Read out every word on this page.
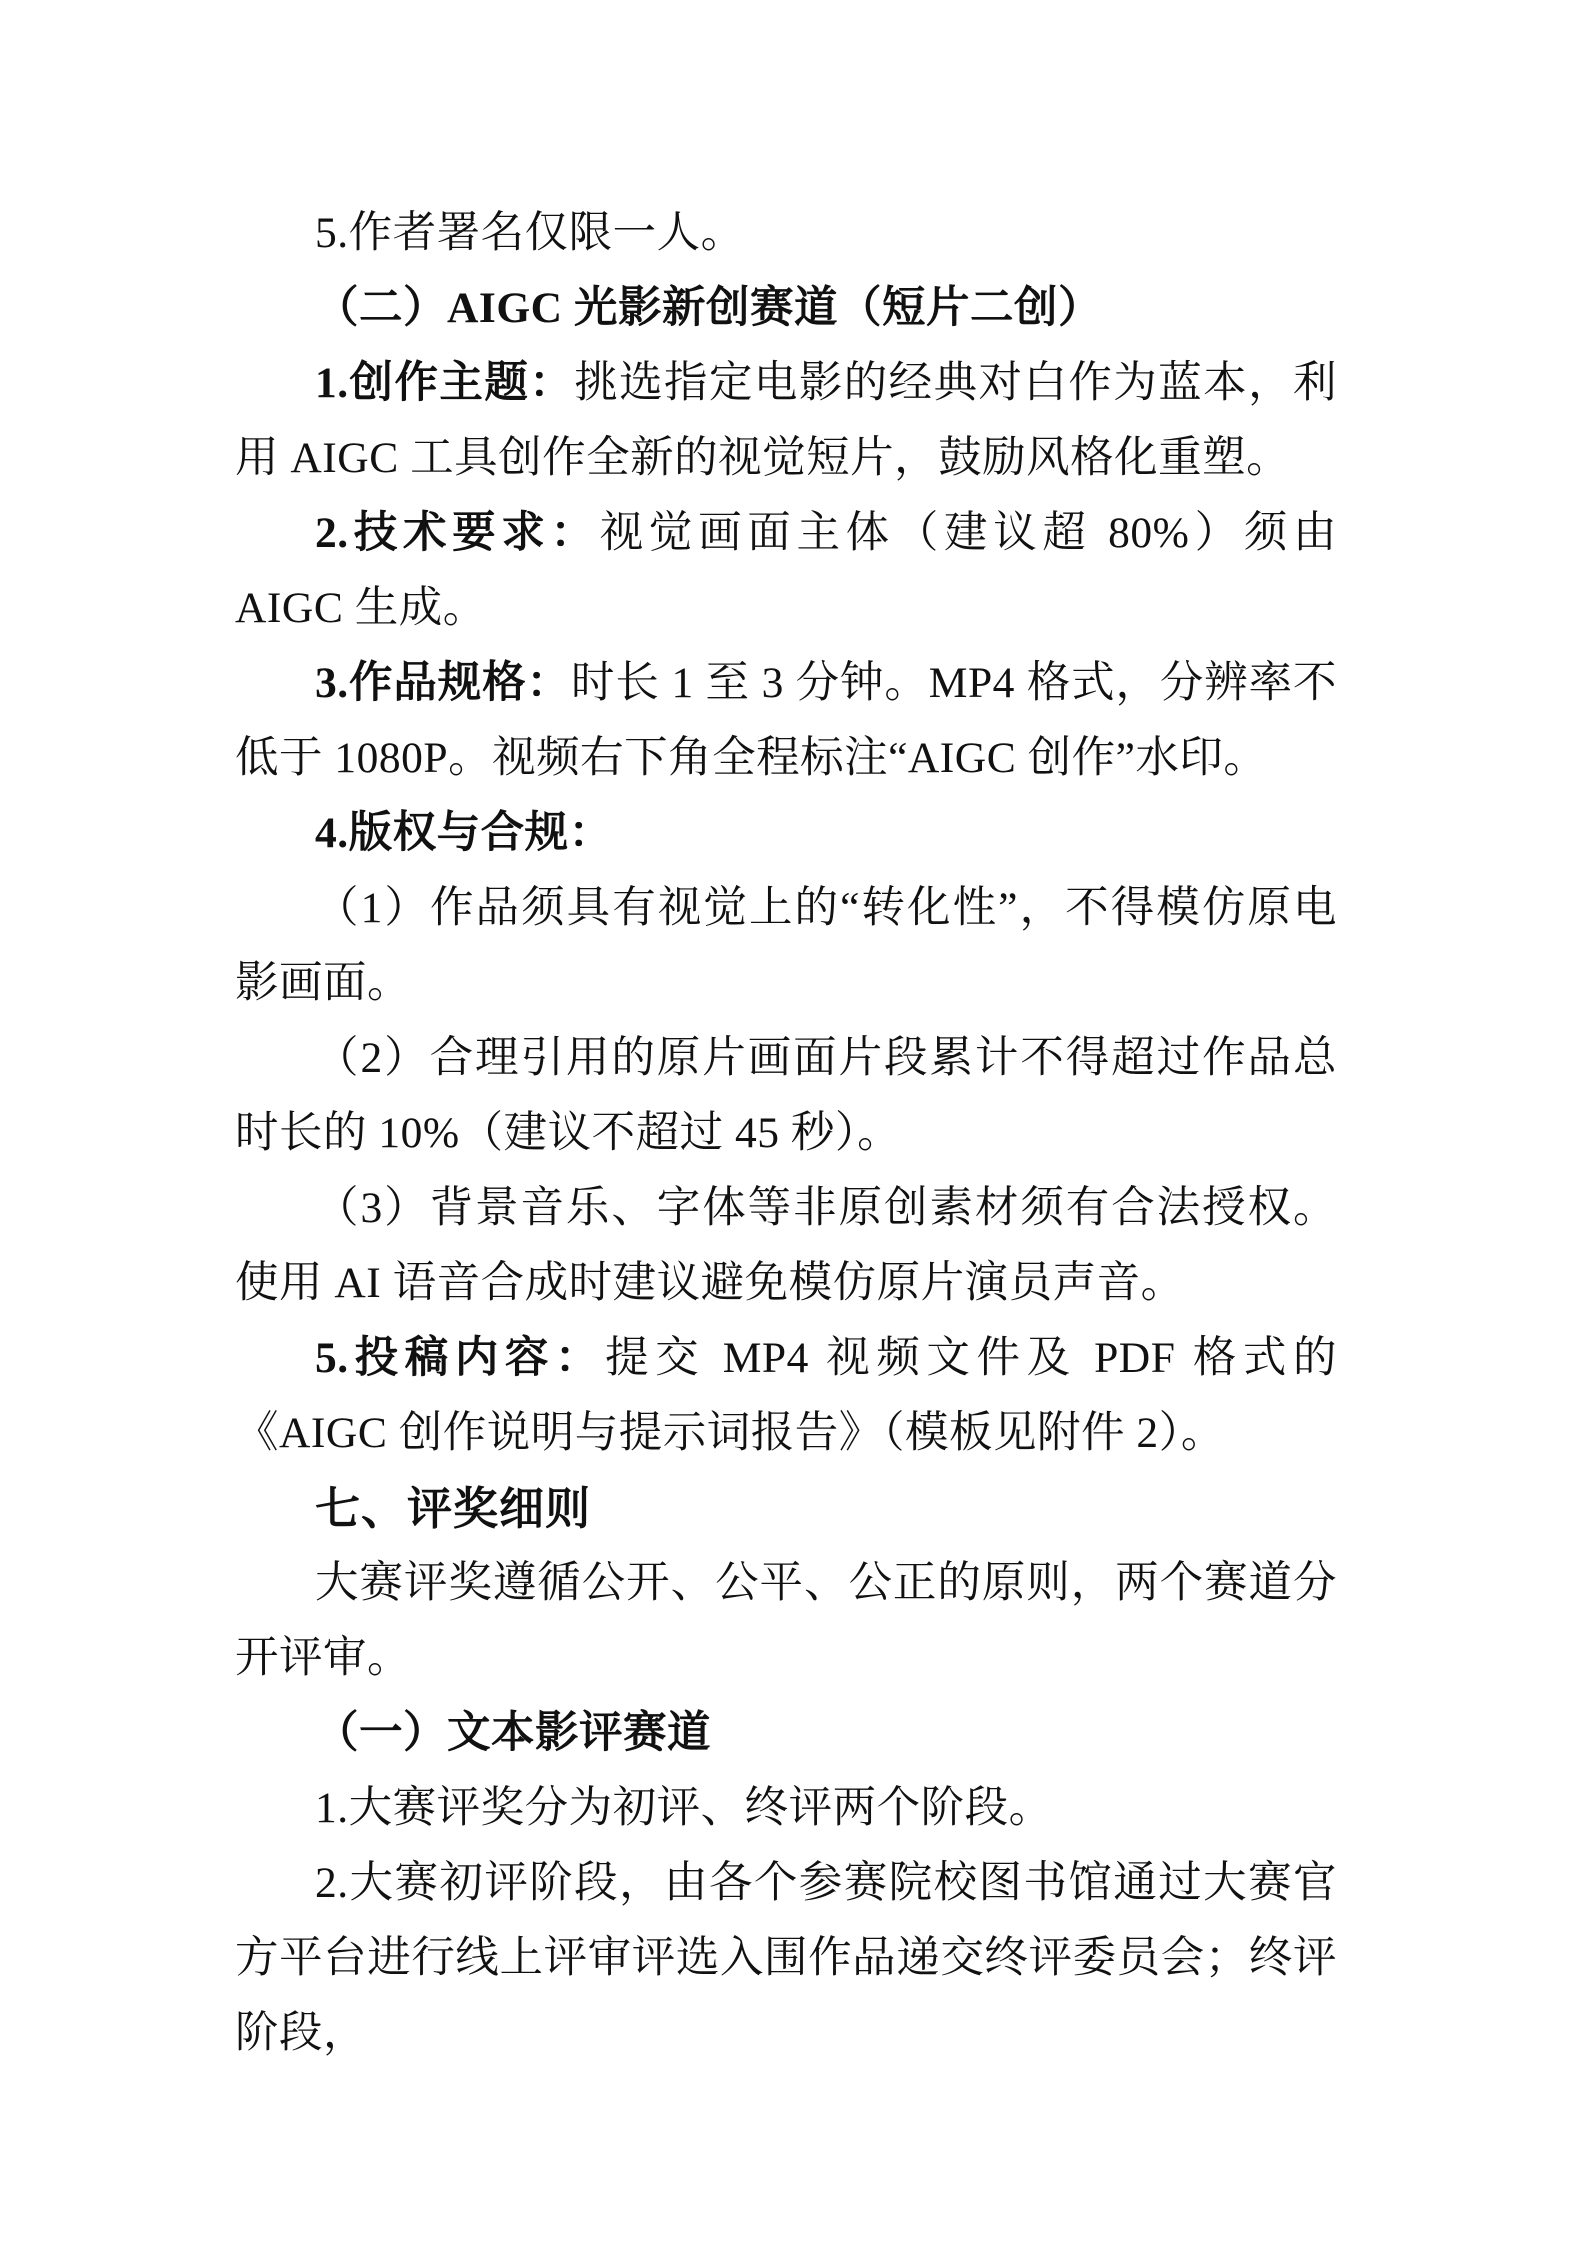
5.作者署名仅限一人。

（二）AIGC 光影新创赛道（短片二创）

1.创作主题：挑选指定电影的经典对白作为蓝本，利用 AIGC 工具创作全新的视觉短片，鼓励风格化重塑。

2.技术要求：视觉画面主体（建议超 80%）须由 AIGC 生成。

3.作品规格：时长 1 至 3 分钟。MP4 格式，分辨率不低于 1080P。视频右下角全程标注“AIGC 创作”水印。

4.版权与合规：

（1）作品须具有视觉上的“转化性”，不得模仿原电影画面。

（2）合理引用的原片画面片段累计不得超过作品总时长的 10%（建议不超过 45 秒）。

（3）背景音乐、字体等非原创素材须有合法授权。使用 AI 语音合成时建议避免模仿原片演员声音。

5.投稿内容：提交 MP4 视频文件及 PDF 格式的《AIGC 创作说明与提示词报告》（模板见附件 2）。

七、评奖细则

大赛评奖遵循公开、公平、公正的原则，两个赛道分开评审。

（一）文本影评赛道

1.大赛评奖分为初评、终评两个阶段。

2.大赛初评阶段，由各个参赛院校图书馆通过大赛官方平台进行线上评审评选入围作品递交终评委员会；终评阶段，
